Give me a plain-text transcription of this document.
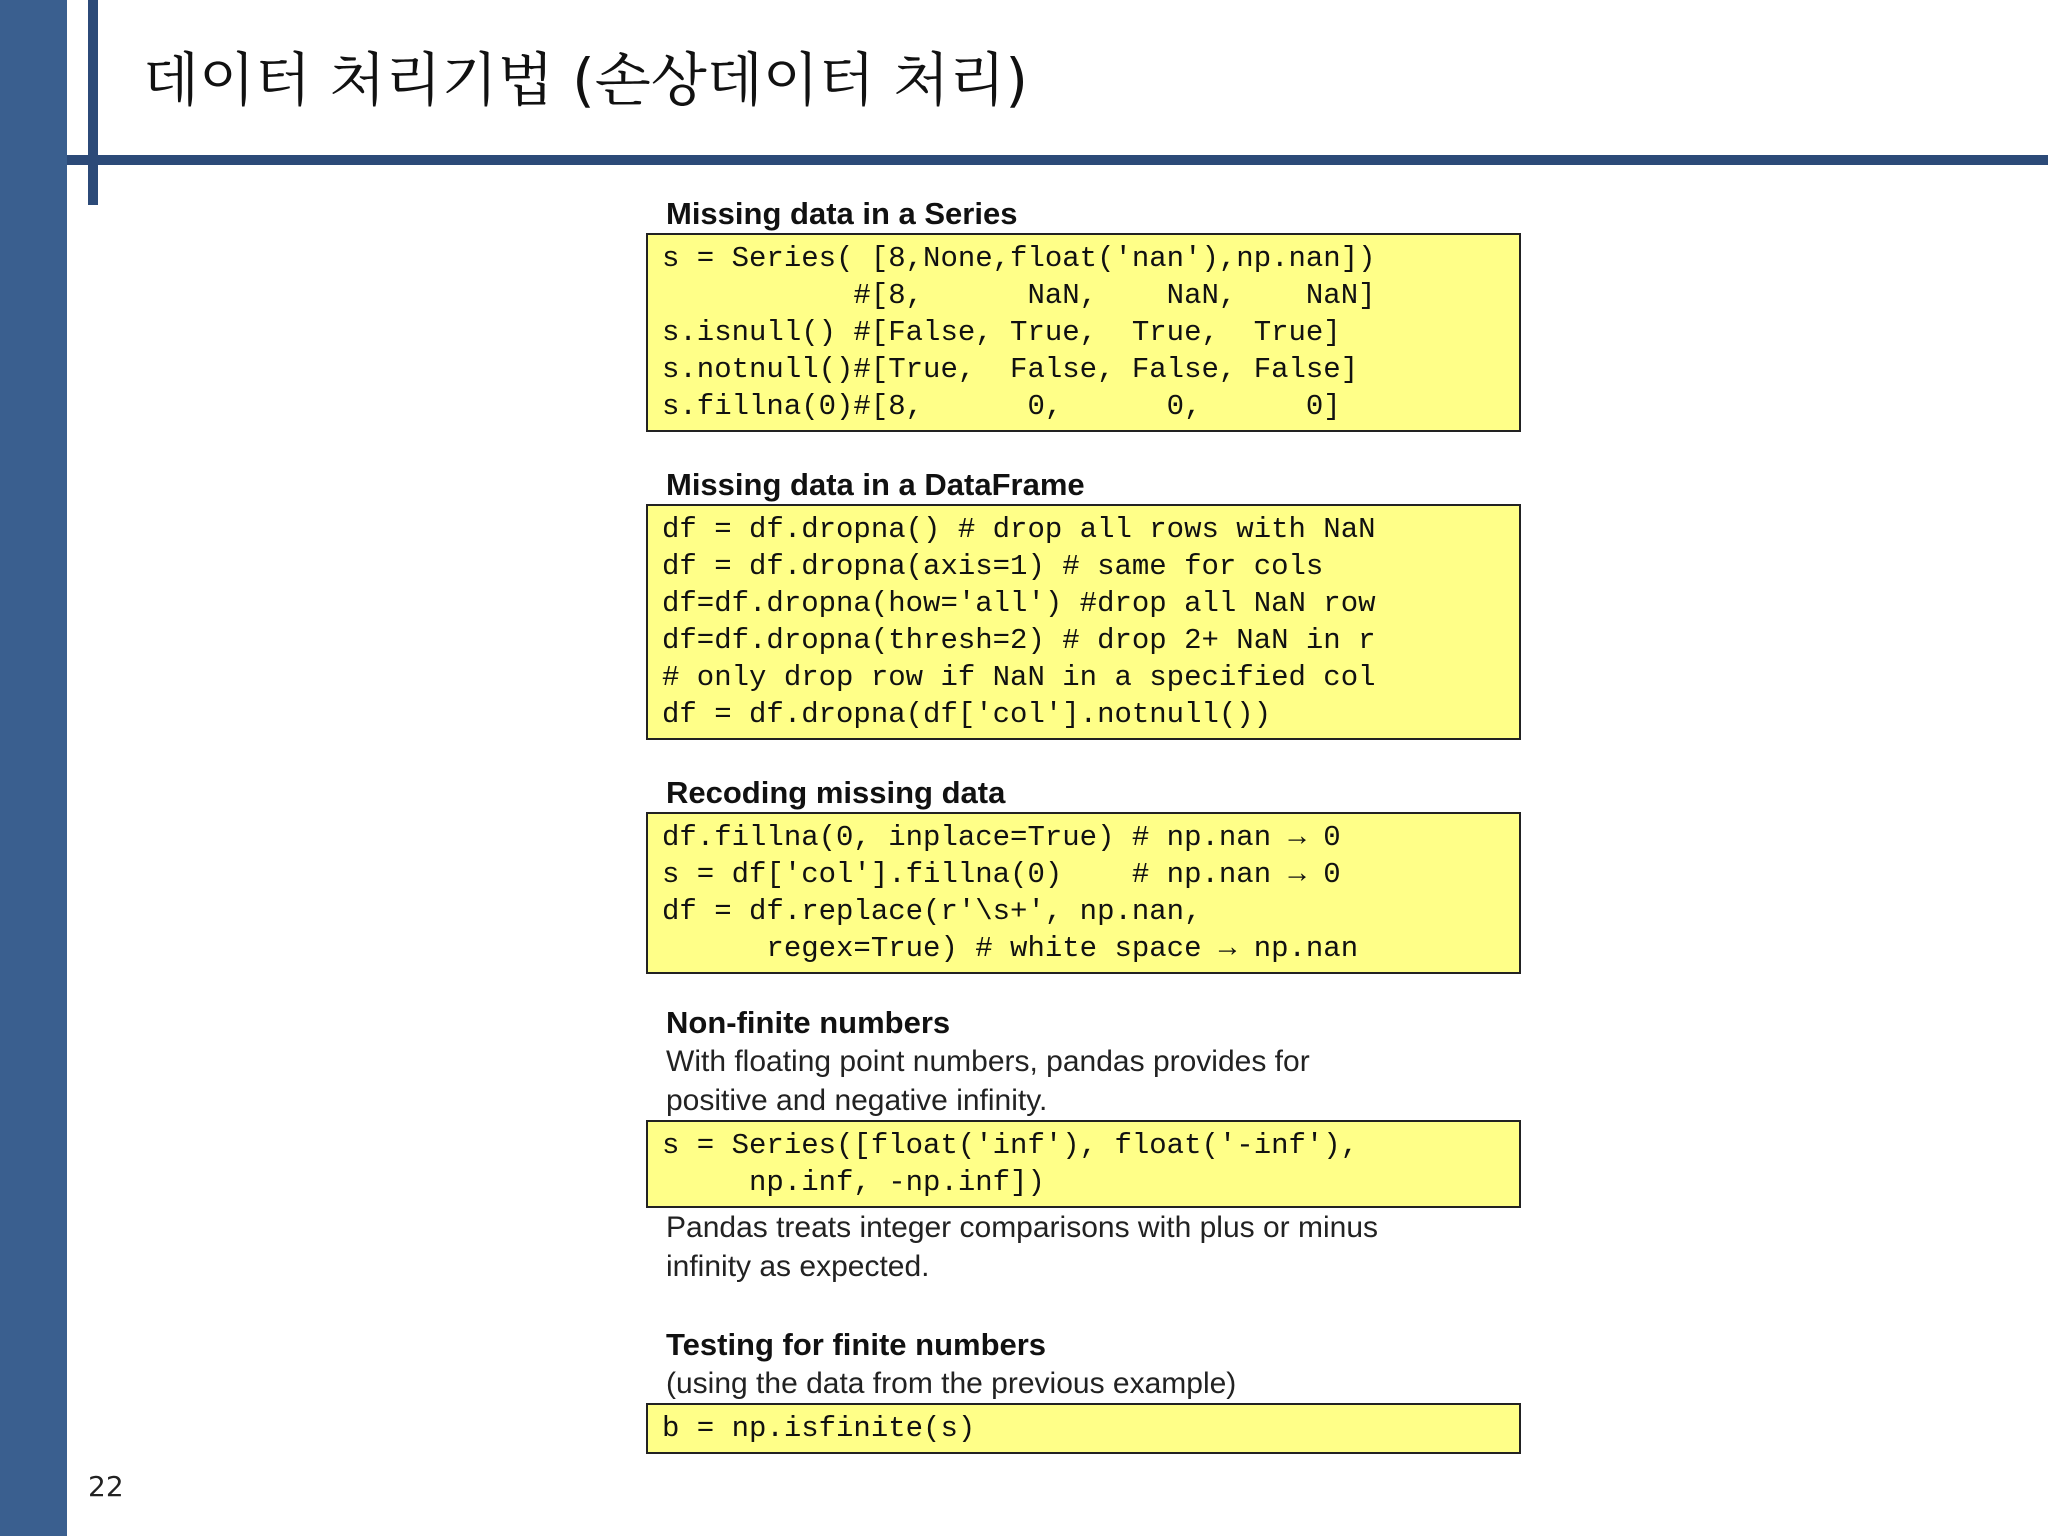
데이터 처리기법 (손상데이터 처리)
22
Missing data in a Series
s = Series( [8,None,float('nan'),np.nan])
#[8,      NaN,    NaN,    NaN]
s.isnull() #[False, True,  True,  True]
s.notnull()#[True,  False, False, False]
s.fillna(0)#[8,      0,      0,      0]
Missing data in a DataFrame
df = df.dropna() # drop all rows with NaN
df = df.dropna(axis=1) # same for cols
df=df.dropna(how='all') #drop all NaN row
df=df.dropna(thresh=2) # drop 2+ NaN in r
# only drop row if NaN in a specified col
df = df.dropna(df['col'].notnull())
Recoding missing data
df.fillna(0, inplace=True) # np.nan → 0
s = df['col'].fillna(0)    # np.nan → 0
df = df.replace(r'\s+', np.nan,
regex=True) # white space → np.nan
Non-finite numbers
With floating point numbers, pandas provides for
positive and negative infinity.
s = Series([float('inf'), float('-inf'),
np.inf, -np.inf])
Pandas treats integer comparisons with plus or minus
infinity as expected.
Testing for finite numbers
(using the data from the previous example)
b = np.isfinite(s)
